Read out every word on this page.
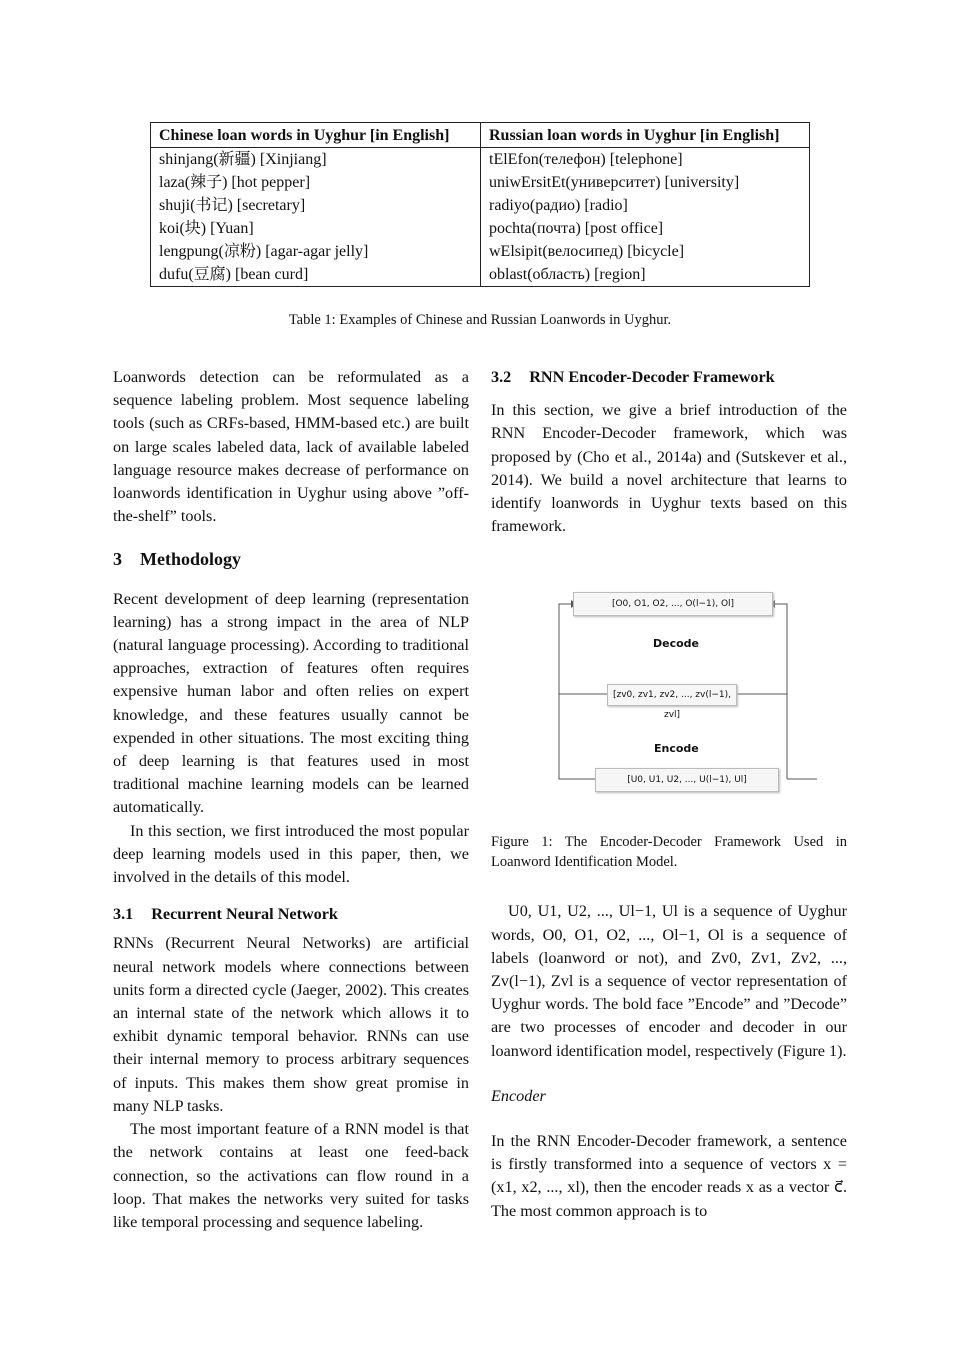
Chinese loan words in Uyghur [in English]	Russian loan words in Uyghur [in English]
shinjang(新疆) [Xinjiang]	tElEfon(телефон) [telephone]
laza(辣子) [hot pepper]	uniwErsitEt(университет) [university]
shuji(书记) [secretary]	radiyo(радио) [radio]
koi(块) [Yuan]	pochta(почта) [post office]
lengpung(凉粉) [agar-agar jelly]	wElsipit(велосипед) [bicycle]
dufu(豆腐) [bean curd]	oblast(область) [region]
Table 1: Examples of Chinese and Russian Loanwords in Uyghur.

Loanwords detection can be reformulated as a sequence labeling problem. Most sequence labeling tools (such as CRFs-based, HMM-based etc.) are built on large scales labeled data, lack of available labeled language resource makes decrease of performance on loanwords identification in Uyghur using above ”off-the-shelf” tools.

3 Methodology

Recent development of deep learning (representation learning) has a strong impact in the area of NLP (natural language processing). According to traditional approaches, extraction of features often requires expensive human labor and often relies on expert knowledge, and these features usually cannot be expended in other situations. The most exciting thing of deep learning is that features used in most traditional machine learning models can be learned automatically.

In this section, we first introduced the most popular deep learning models used in this paper, then, we involved in the details of this model.

3.1 Recurrent Neural Network

RNNs (Recurrent Neural Networks) are artificial neural network models where connections between units form a directed cycle (Jaeger, 2002). This creates an internal state of the network which allows it to exhibit dynamic temporal behavior. RNNs can use their internal memory to process arbitrary sequences of inputs. This makes them show great promise in many NLP tasks.

The most important feature of a RNN model is that the network contains at least one feed-back connection, so the activations can flow round in a loop. That makes the networks very suited for tasks like temporal processing and sequence labeling.

3.2 RNN Encoder-Decoder Framework

In this section, we give a brief introduction of the RNN Encoder-Decoder framework, which was proposed by (Cho et al., 2014a) and (Sutskever et al., 2014). We build a novel architecture that learns to identify loanwords in Uyghur texts based on this framework.

[O0, O1, O2, ..., O(l−1), Ol]
Decode
[zv0, zv1, zv2, ..., zv(l−1), zvl]
Encode
[U0, U1, U2, ..., U(l−1), Ul]

Figure 1: The Encoder-Decoder Framework Used in Loanword Identification Model.

U0, U1, U2, ..., Ul−1, Ul is a sequence of Uyghur words, O0, O1, O2, ..., Ol−1, Ol is a sequence of labels (loanword or not), and Zv0, Zv1, Zv2, ..., Zv(l−1), Zvl is a sequence of vector representation of Uyghur words. The bold face ”Encode” and ”Decode” are two processes of encoder and decoder in our loanword identification model, respectively (Figure 1).

Encoder

In the RNN Encoder-Decoder framework, a sentence is firstly transformed into a sequence of vectors x = (x1, x2, ..., xl), then the encoder reads x as a vector c⃗. The most common approach is to
